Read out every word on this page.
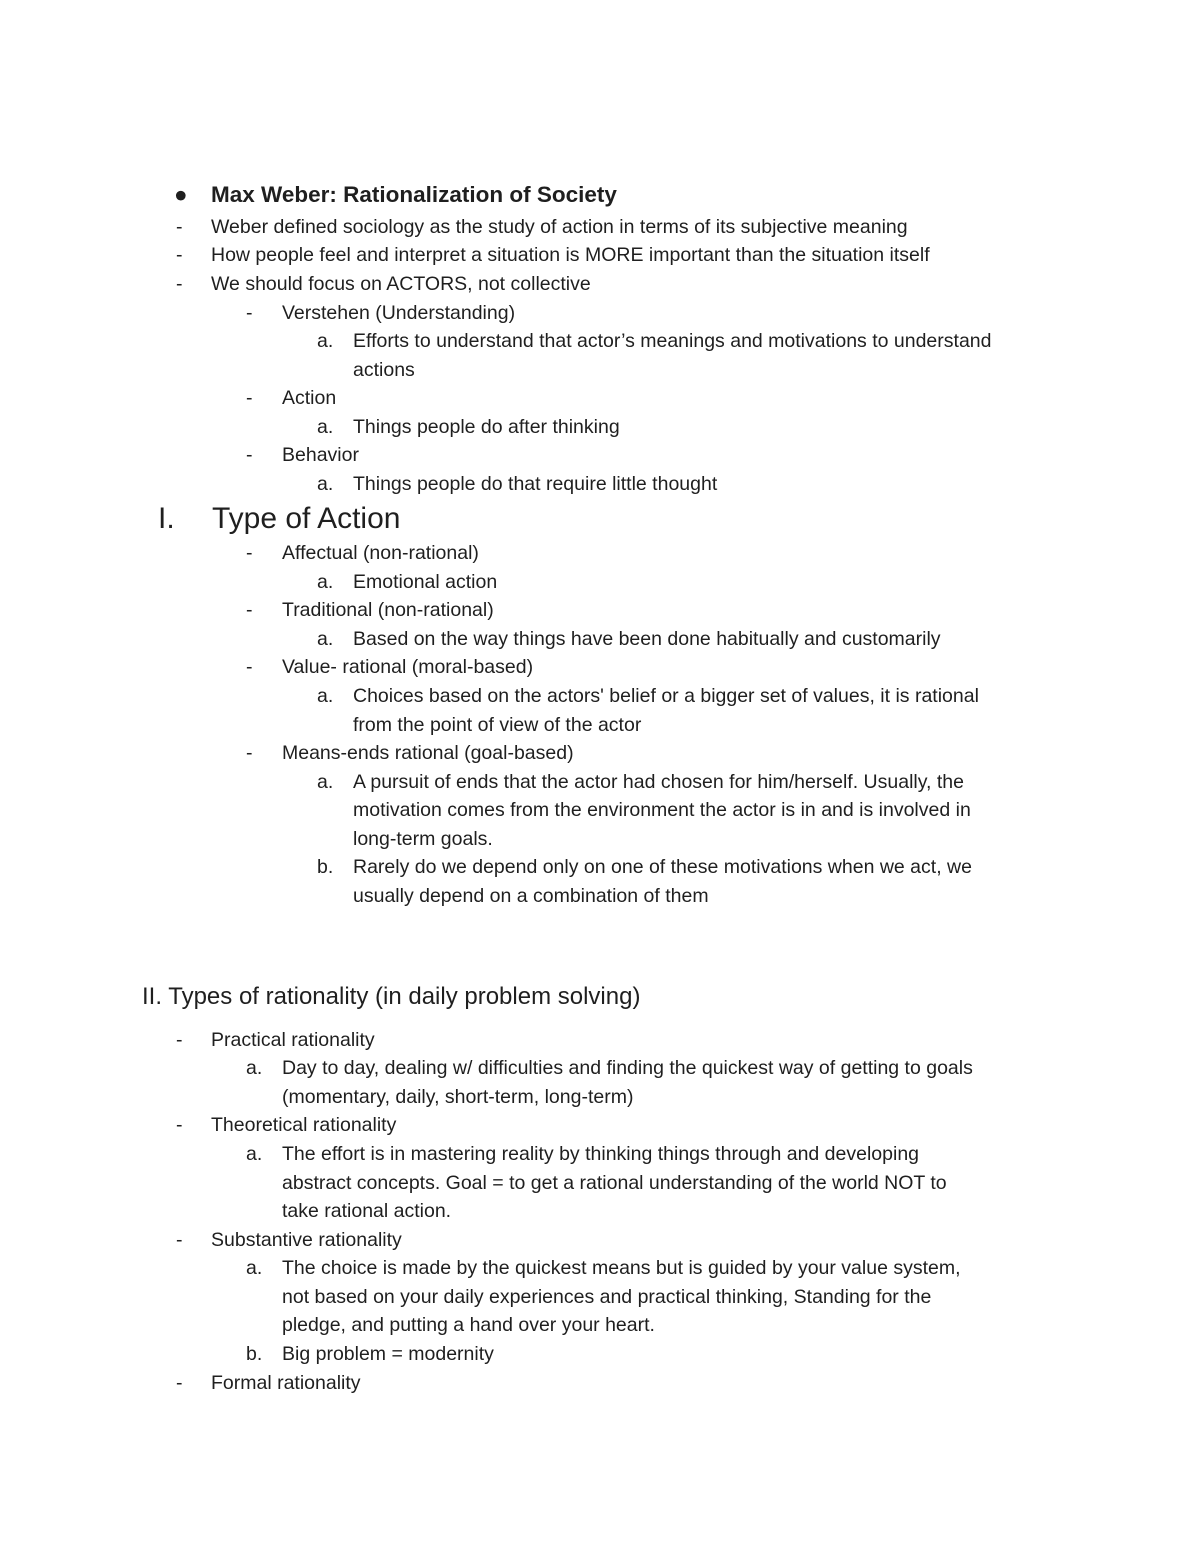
● Max Weber: Rationalization of Society
- Weber defined sociology as the study of action in terms of its subjective meaning
- How people feel and interpret a situation is MORE important than the situation itself
- We should focus on ACTORS, not collective
- Verstehen (Understanding)
a. Efforts to understand that actor’s meanings and motivations to understand
actions
- Action
a. Things people do after thinking
- Behavior
a. Things people do that require little thought
I. Type of Action
- Affectual (non-rational)
a. Emotional action
- Traditional (non-rational)
a. Based on the way things have been done habitually and customarily
- Value- rational (moral-based)
a. Choices based on the actors' belief or a bigger set of values, it is rational
from the point of view of the actor
- Means-ends rational (goal-based)
a. A pursuit of ends that the actor had chosen for him/herself. Usually, the
motivation comes from the environment the actor is in and is involved in
long-term goals.
b. Rarely do we depend only on one of these motivations when we act, we
usually depend on a combination of them
II. Types of rationality (in daily problem solving)
- Practical rationality
a. Day to day, dealing w/ difficulties and finding the quickest way of getting to goals
(momentary, daily, short-term, long-term)
- Theoretical rationality
a. The effort is in mastering reality by thinking things through and developing
abstract concepts. Goal = to get a rational understanding of the world NOT to
take rational action.
- Substantive rationality
a. The choice is made by the quickest means but is guided by your value system,
not based on your daily experiences and practical thinking, Standing for the
pledge, and putting a hand over your heart.
b. Big problem = modernity
- Formal rationality
